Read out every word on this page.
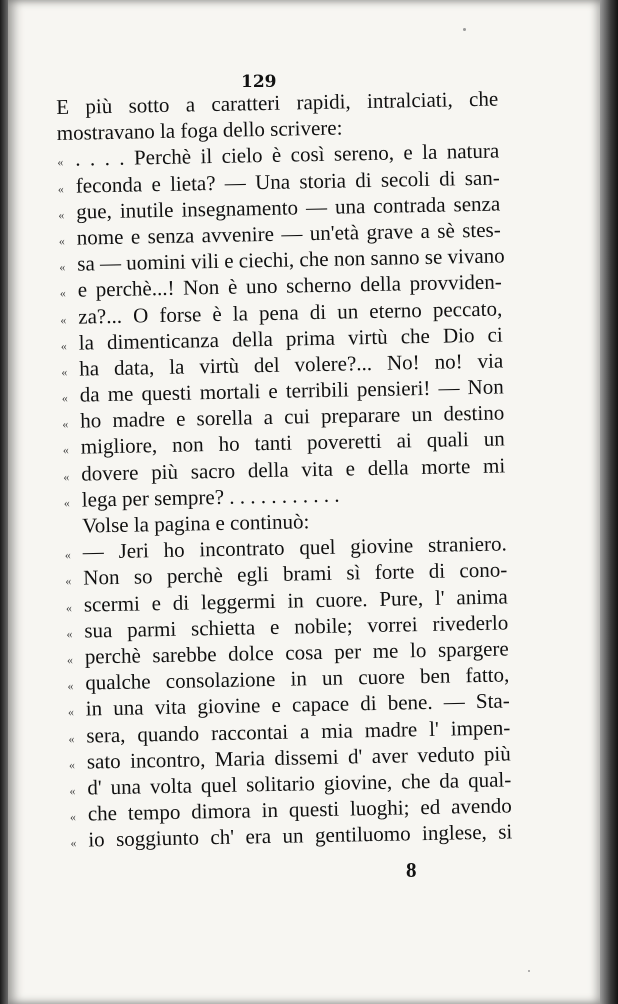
129
E più sotto a caratteri rapidi, intralciati, che
mostravano la foga dello scrivere:
« . . . . Perchè il cielo è così sereno, e la natura
« feconda e lieta? — Una storia di secoli di san-
« gue, inutile insegnamento — una contrada senza
« nome e senza avvenire — un'età grave a sè stes-
« sa — uomini vili e ciechi, che non sanno se vivano
« e perchè...! Non è uno scherno della provviden-
« za?... O forse è la pena di un eterno peccato,
« la dimenticanza della prima virtù che Dio ci
« ha data, la virtù del volere?... No! no! via
« da me questi mortali e terribili pensieri! — Non
« ho madre e sorella a cui preparare un destino
« migliore, non ho tanti poveretti ai quali un
« dovere più sacro della vita e della morte mi
« lega per sempre? . . . . . . . . . . .
Volse la pagina e continuò:
« — Jeri ho incontrato quel giovine straniero.
« Non so perchè egli brami sì forte di cono-
« scermi e di leggermi in cuore. Pure, l' anima
« sua parmi schietta e nobile; vorrei rivederlo
« perchè sarebbe dolce cosa per me lo spargere
« qualche consolazione in un cuore ben fatto,
« in una vita giovine e capace di bene. — Sta-
« sera, quando raccontai a mia madre l' impen-
« sato incontro, Maria dissemi d' aver veduto più
« d' una volta quel solitario giovine, che da qual-
« che tempo dimora in questi luoghi; ed avendo
« io soggiunto ch' era un gentiluomo inglese, si
8
